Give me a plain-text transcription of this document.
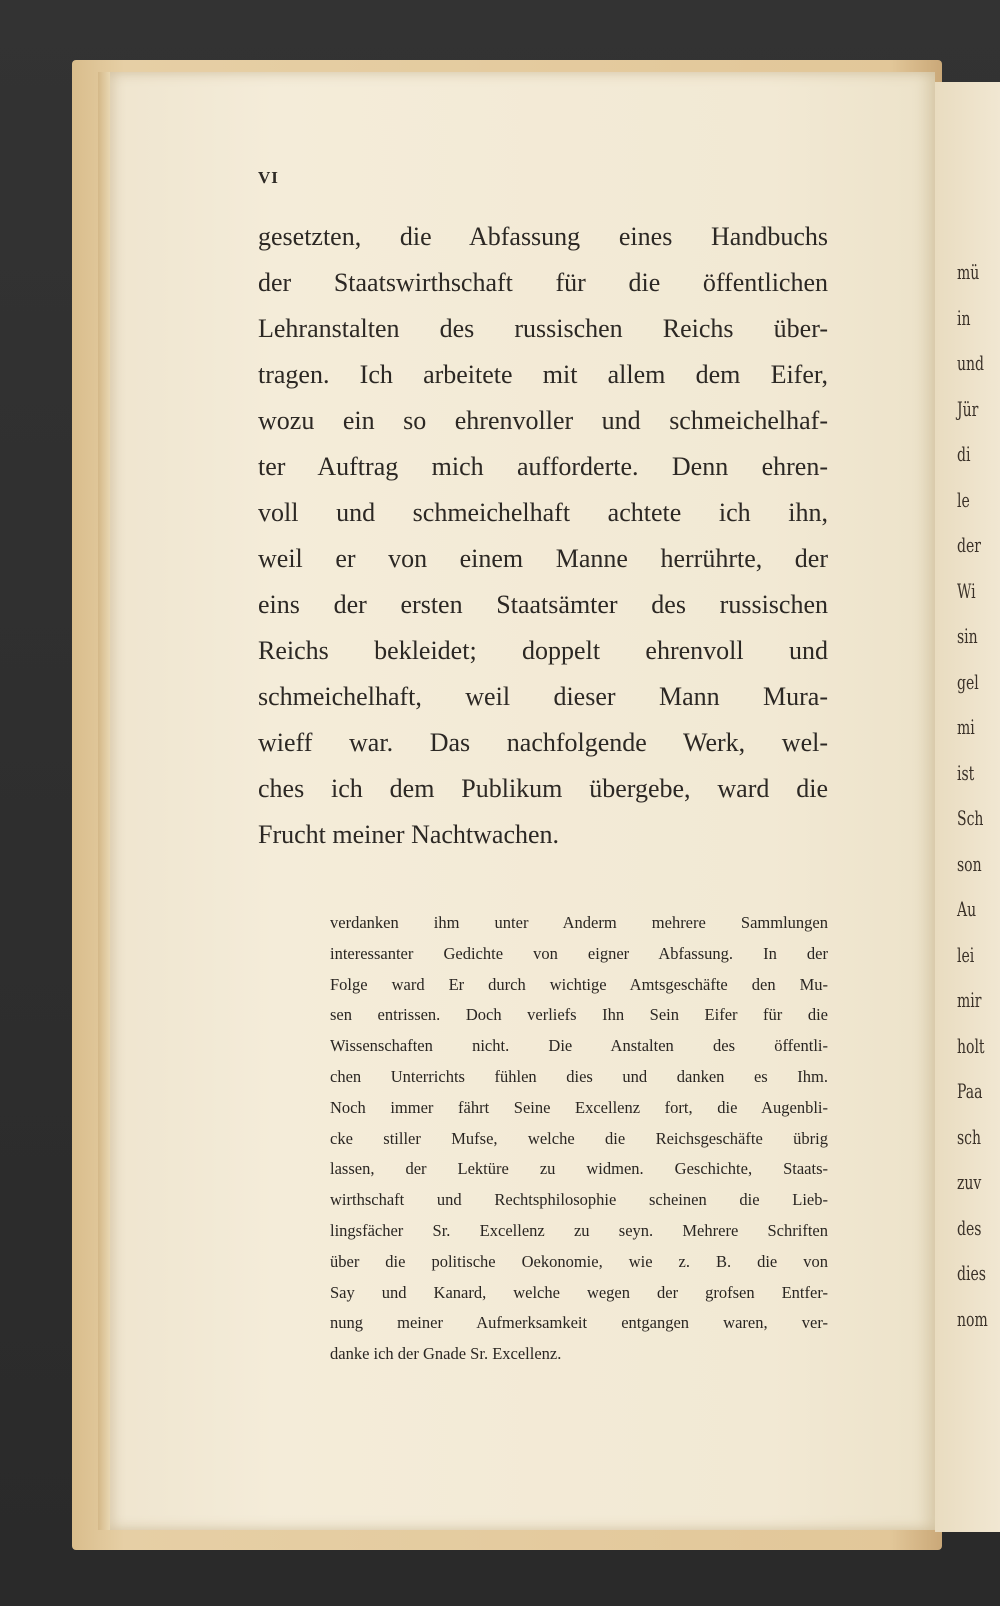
mü
in
und
Jür
di
le
der
Wi
sin
gel
mi
ist
Sch
son
Au
lei
mir
holt
Paa
sch
zuv
des
dies
nom
VI
gesetzten, die Abfassung eines Handbuchs
der Staatswirthschaft für die öffentlichen
Lehranstalten des russischen Reichs über-
tragen. Ich arbeitete mit allem dem Eifer,
wozu ein so ehrenvoller und schmeichelhaf-
ter Auftrag mich aufforderte. Denn ehren-
voll und schmeichelhaft achtete ich ihn,
weil er von einem Manne herrührte, der
eins der ersten Staatsämter des russischen
Reichs bekleidet; doppelt ehrenvoll und
schmeichelhaft, weil dieser Mann Mura-
wieff war. Das nachfolgende Werk, wel-
ches ich dem Publikum übergebe, ward die
Frucht meiner Nachtwachen.
verdanken ihm unter Anderm mehrere Sammlungen
interessanter Gedichte von eigner Abfassung. In der
Folge ward Er durch wichtige Amtsgeschäfte den Mu-
sen entrissen. Doch verliefs Ihn Sein Eifer für die
Wissenschaften nicht. Die Anstalten des öffentli-
chen Unterrichts fühlen dies und danken es Ihm.
Noch immer fährt Seine Excellenz fort, die Augenbli-
cke stiller Mufse, welche die Reichsgeschäfte übrig
lassen, der Lektüre zu widmen. Geschichte, Staats-
wirthschaft und Rechtsphilosophie scheinen die Lieb-
lingsfächer Sr. Excellenz zu seyn. Mehrere Schriften
über die politische Oekonomie, wie z. B. die von
Say und Kanard, welche wegen der grofsen Entfer-
nung meiner Aufmerksamkeit entgangen waren, ver-
danke ich der Gnade Sr. Excellenz.
